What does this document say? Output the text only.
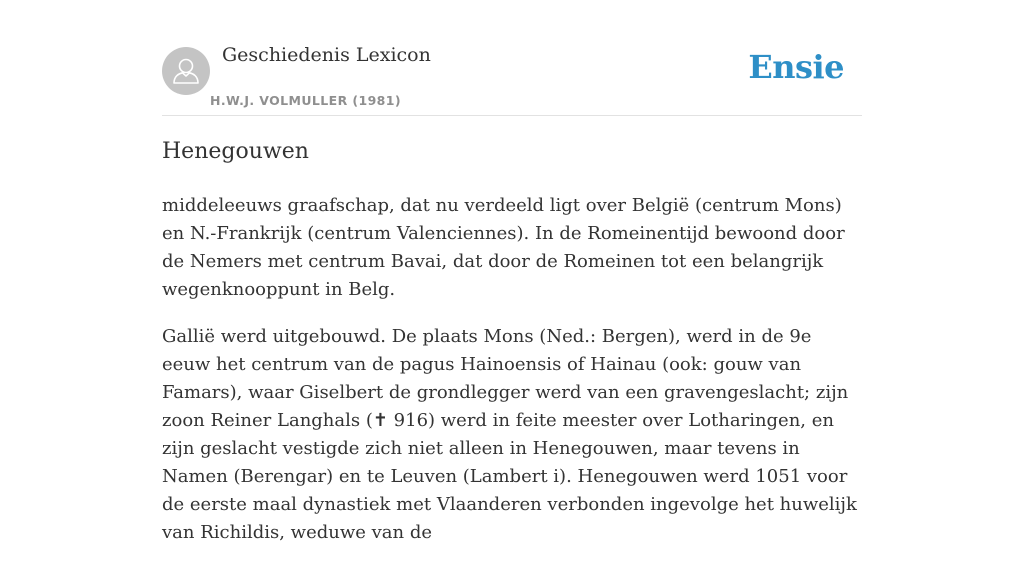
Geschiedenis Lexicon
H.W.J. VOLMULLER (1981)
Ensie
Henegouwen

middeleeuws graafschap, dat nu verdeeld ligt over België (centrum Mons) en N.-Frankrijk (centrum Valenciennes). In de Romeinentijd bewoond door de Nemers met centrum Bavai, dat door de Romeinen tot een belangrijk wegenknooppunt in Belg.

Gallië werd uitgebouwd. De plaats Mons (Ned.: Bergen), werd in de 9e eeuw het centrum van de pagus Hainoensis of Hainau (ook: gouw van Famars), waar Giselbert de grondlegger werd van een gravengeslacht; zijn zoon Reiner Langhals (✝ 916) werd in feite meester over Lotharingen, en zijn geslacht vestigde zich niet alleen in Henegouwen, maar tevens in Namen (Berengar) en te Leuven (Lambert i). Henegouwen werd 1051 voor de eerste maal dynastiek met Vlaanderen verbonden ingevolge het huwelijk van Richildis, weduwe van de
